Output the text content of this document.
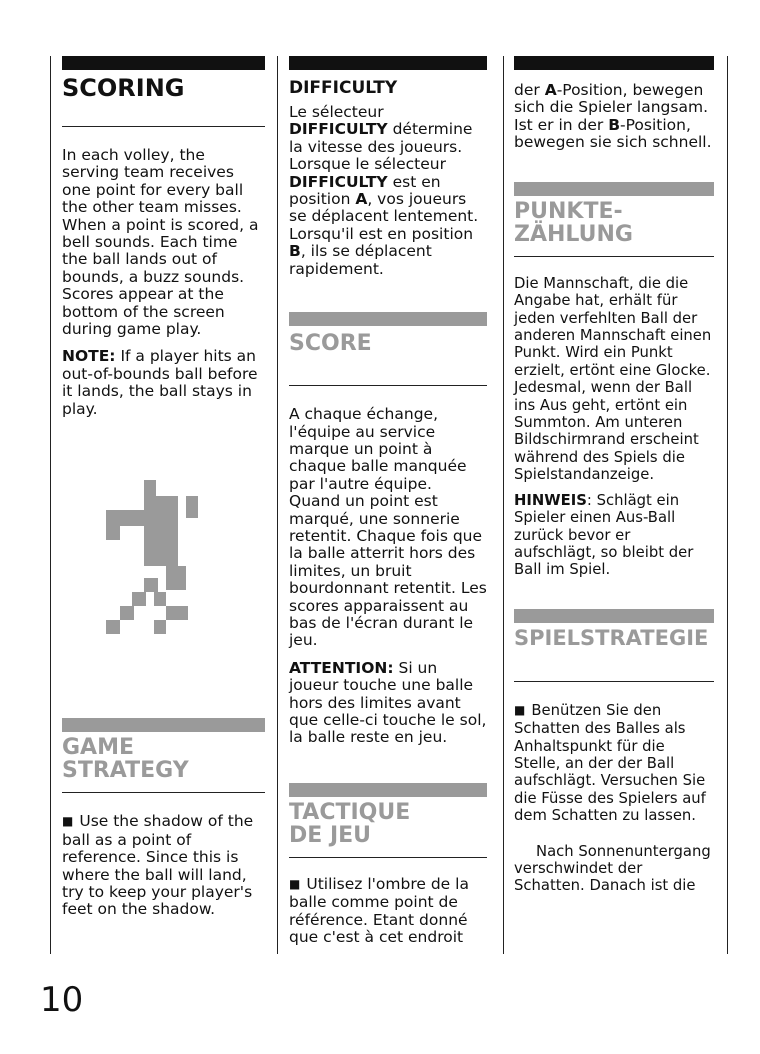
SCORING

In each volley, the serving team receives one point for every ball the other team misses. When a point is scored, a bell sounds. Each time the ball lands out of bounds, a buzz sounds. Scores appear at the bottom of the screen during game play.

NOTE: If a player hits an out-of-bounds ball before it lands, the ball stays in play.

GAME
STRATEGY

■ Use the shadow of the ball as a point of reference. Since this is where the ball will land, try to keep your player's feet on the shadow.

DIFFICULTY

Le sélecteur DIFFICULTY détermine la vitesse des joueurs. Lorsque le sélecteur DIFFICULTY est en position A, vos joueurs se déplacent lentement. Lorsqu'il est en position B, ils se déplacent rapidement.

SCORE

A chaque échange, l'équipe au service marque un point à chaque balle manquée par l'autre équipe. Quand un point est marqué, une sonnerie retentit. Chaque fois que la balle atterrit hors des limites, un bruit bourdonnant retentit. Les scores apparaissent au bas de l'écran durant le jeu.

ATTENTION: Si un joueur touche une balle hors des limites avant que celle-ci touche le sol, la balle reste en jeu.

TACTIQUE
DE JEU

■ Utilisez l'ombre de la balle comme point de référence. Etant donné que c'est à cet endroit

der A-Position, bewegen sich die Spieler langsam. Ist er in der B-Position, bewegen sie sich schnell.

PUNKTE-
ZÄHLUNG

Die Mannschaft, die die Angabe hat, erhält für jeden verfehlten Ball der anderen Mannschaft einen Punkt. Wird ein Punkt erzielt, ertönt eine Glocke. Jedesmal, wenn der Ball ins Aus geht, ertönt ein Summton. Am unteren Bildschirmrand erscheint während des Spiels die Spielstandanzeige.

HINWEIS: Schlägt ein Spieler einen Aus-Ball zurück bevor er aufschlägt, so bleibt der Ball im Spiel.

SPIELSTRATEGIE

■ Benützen Sie den Schatten des Balles als Anhaltspunkt für die Stelle, an der der Ball aufschlägt. Versuchen Sie die Füsse des Spielers auf dem Schatten zu lassen.

Nach Sonnenuntergang verschwindet der Schatten. Danach ist die

10
